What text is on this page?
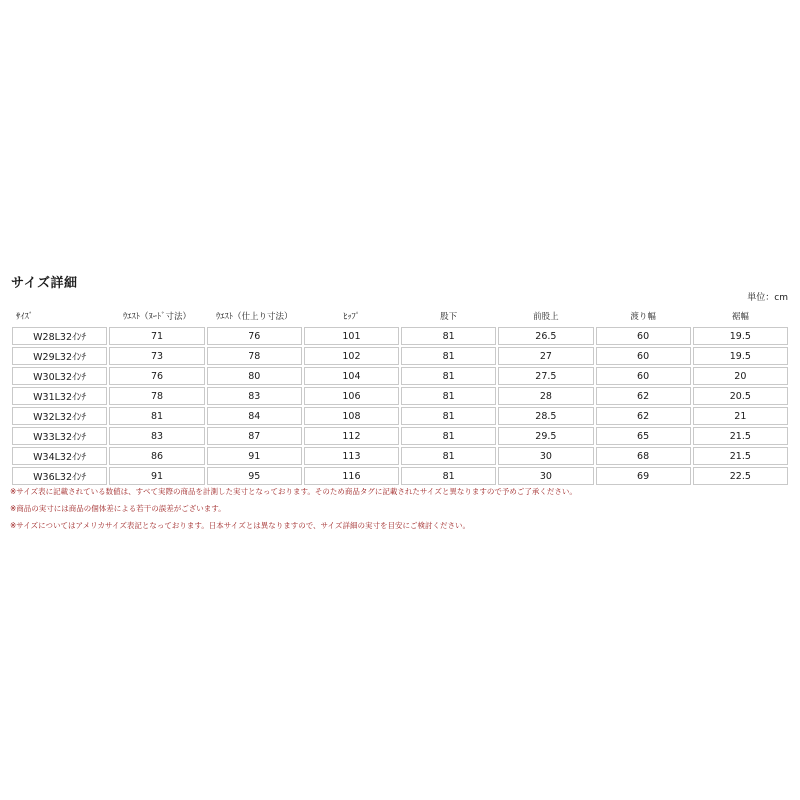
サイズ詳細
単位：cm
ｻｲｽﾞ	ｳｴｽﾄ（ﾇｰﾄﾞ寸法）	ｳｴｽﾄ（仕上り寸法）	ﾋｯﾌﾟ	股下	前股上	渡り幅	裾幅
W28L32ｲﾝﾁ	71	76	101	81	26.5	60	19.5
W29L32ｲﾝﾁ	73	78	102	81	27	60	19.5
W30L32ｲﾝﾁ	76	80	104	81	27.5	60	20
W31L32ｲﾝﾁ	78	83	106	81	28	62	20.5
W32L32ｲﾝﾁ	81	84	108	81	28.5	62	21
W33L32ｲﾝﾁ	83	87	112	81	29.5	65	21.5
W34L32ｲﾝﾁ	86	91	113	81	30	68	21.5
W36L32ｲﾝﾁ	91	95	116	81	30	69	22.5
※サイズ表に記載されている数値は、すべて実際の商品を計測した実寸となっております。そのため商品タグに記載されたサイズと異なりますので予めご了承ください。
※商品の実寸には商品の個体差による若干の誤差がございます。
※サイズについてはアメリカサイズ表記となっております。日本サイズとは異なりますので、サイズ詳細の実寸を目安にご検討ください。
